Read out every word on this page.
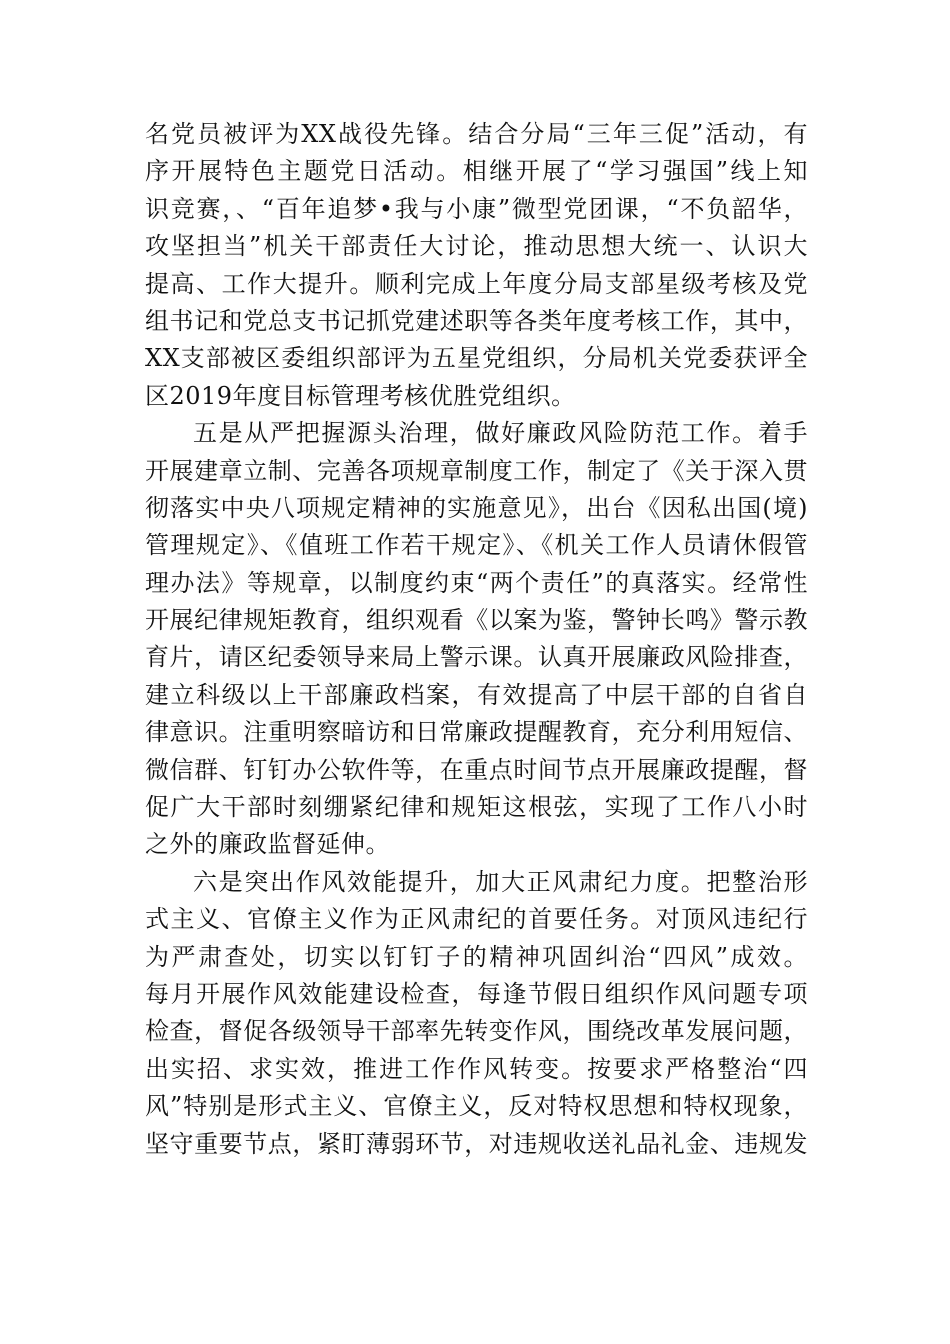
名党员被评为XX战役先锋。结合分局“三年三促”活动，有
序开展特色主题党日活动。相继开展了“学习强国”线上知
识竞赛，、“百年追梦•我与小康”微型党团课，“不负韶华，
攻坚担当”机关干部责任大讨论，推动思想大统一、认识大
提高、工作大提升。顺利完成上年度分局支部星级考核及党
组书记和党总支书记抓党建述职等各类年度考核工作，其中，
XX支部被区委组织部评为五星党组织，分局机关党委获评全
区2019年度目标管理考核优胜党组织。
五是从严把握源头治理，做好廉政风险防范工作。着手
开展建章立制、完善各项规章制度工作，制定了《关于深入贯
彻落实中央八项规定精神的实施意见》，出台《因私出国(境)
管理规定》、《值班工作若干规定》、《机关工作人员请休假管
理办法》等规章，以制度约束“两个责任”的真落实。经常性
开展纪律规矩教育，组织观看《以案为鉴，警钟长鸣》警示教
育片，请区纪委领导来局上警示课。认真开展廉政风险排查，
建立科级以上干部廉政档案，有效提高了中层干部的自省自
律意识。注重明察暗访和日常廉政提醒教育，充分利用短信、
微信群、钉钉办公软件等，在重点时间节点开展廉政提醒，督
促广大干部时刻绷紧纪律和规矩这根弦，实现了工作八小时
之外的廉政监督延伸。
六是突出作风效能提升，加大正风肃纪力度。把整治形
式主义、官僚主义作为正风肃纪的首要任务。对顶风违纪行
为严肃查处，切实以钉钉子的精神巩固纠治“四风”成效。
每月开展作风效能建设检查，每逢节假日组织作风问题专项
检查，督促各级领导干部率先转变作风，围绕改革发展问题，
出实招、求实效，推进工作作风转变。按要求严格整治“四
风”特别是形式主义、官僚主义，反对特权思想和特权现象，
坚守重要节点，紧盯薄弱环节，对违规收送礼品礼金、违规发
